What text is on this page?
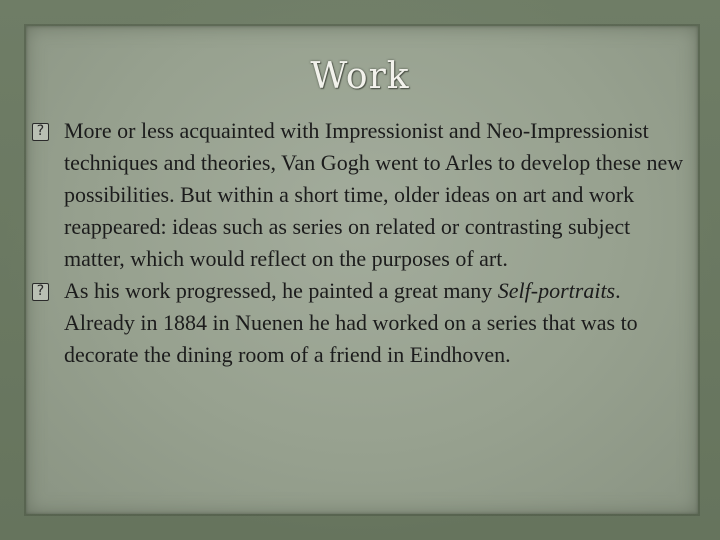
Work

?
More or less acquainted with Impressionist and Neo-Impressionist techniques and theories, Van Gogh went to Arles to develop these new possibilities. But within a short time, older ideas on art and work reappeared: ideas such as series on related or contrasting subject matter, which would reflect on the purposes of art.

?
As his work progressed, he painted a great many Self-portraits. Already in 1884 in Nuenen he had worked on a series that was to decorate the dining room of a friend in Eindhoven.
